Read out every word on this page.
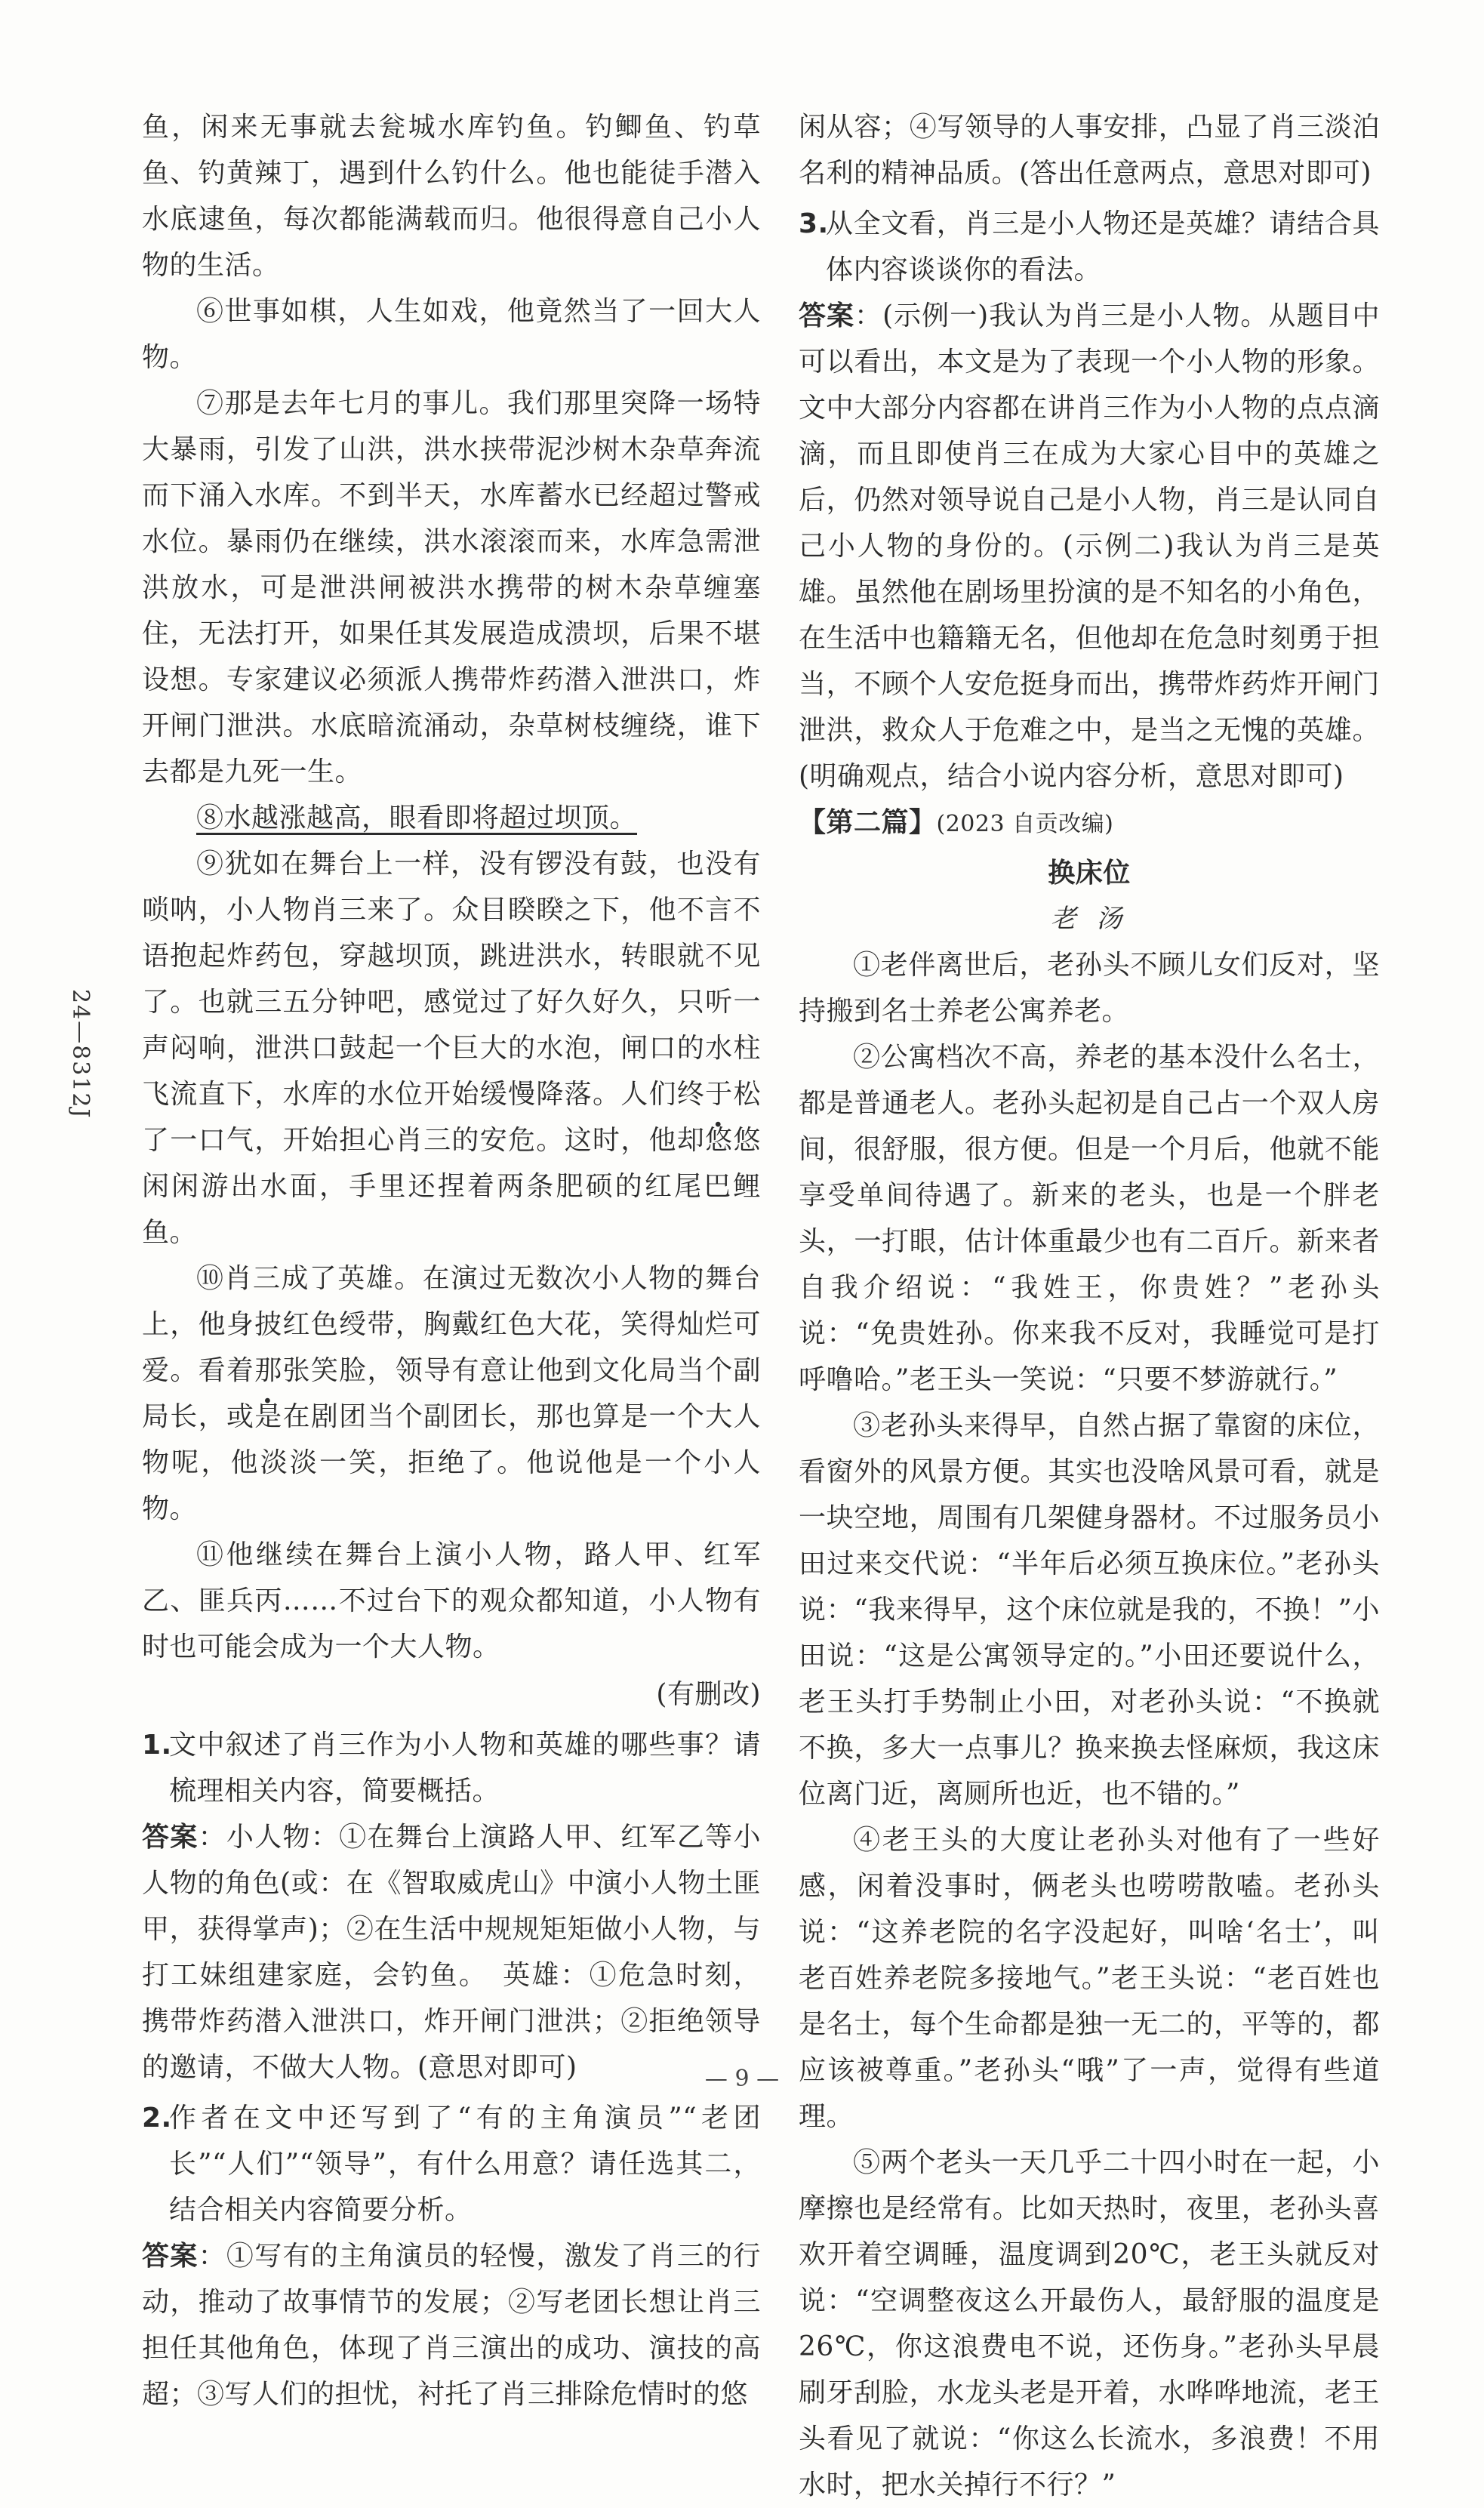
24—8312J

鱼，闲来无事就去瓮城水库钓鱼。钓鲫鱼、钓草鱼、钓黄辣丁，遇到什么钓什么。他也能徒手潜入水底逮鱼，每次都能满载而归。他很得意自己小人物的生活。

⑥世事如棋，人生如戏，他竟然当了一回大人物。

⑦那是去年七月的事儿。我们那里突降一场特大暴雨，引发了山洪，洪水挟带泥沙树木杂草奔流而下涌入水库。不到半天，水库蓄水已经超过警戒水位。暴雨仍在继续，洪水滚滚而来，水库急需泄洪放水，可是泄洪闸被洪水携带的树木杂草缠塞住，无法打开，如果任其发展造成溃坝，后果不堪设想。专家建议必须派人携带炸药潜入泄洪口，炸开闸门泄洪。水底暗流涌动，杂草树枝缠绕，谁下去都是九死一生。

⑧水越涨越高，眼看即将超过坝顶。

⑨犹如在舞台上一样，没有锣没有鼓，也没有唢呐，小人物肖三来了。众目睽睽之下，他不言不语抱起炸药包，穿越坝顶，跳进洪水，转眼就不见了。也就三五分钟吧，感觉过了好久好久，只听一声闷响，泄洪口鼓起一个巨大的水泡，闸口的水柱飞流直下，水库的水位开始缓慢降落。人们终于松了一口气，开始担心肖三的安危。这时，他却悠悠闲闲游出水面，手里还捏着两条肥硕的红尾巴鲤鱼。

⑩肖三成了英雄。在演过无数次小人物的舞台上，他身披红色绶带，胸戴红色大花，笑得灿烂可爱。看着那张笑脸，领导有意让他到文化局当个副局长，或是在剧团当个副团长，那也算是一个大人物呢，他淡淡一笑，拒绝了。他说他是一个小人物。

⑪他继续在舞台上演小人物，路人甲、红军乙、匪兵丙……不过台下的观众都知道，小人物有时也可能会成为一个大人物。

(有删改)

1.
文中叙述了肖三作为小人物和英雄的哪些事？请梳理相关内容，简要概括。

答案：小人物：①在舞台上演路人甲、红军乙等小人物的角色(或：在《智取威虎山》中演小人物土匪甲，获得掌声)；②在生活中规规矩矩做小人物，与打工妹组建家庭，会钓鱼。　英雄：①危急时刻，携带炸药潜入泄洪口，炸开闸门泄洪；②拒绝领导的邀请，不做大人物。(意思对即可)

2.
作者在文中还写到了“有的主角演员”“老团长”“人们”“领导”，有什么用意？请任选其二，结合相关内容简要分析。

答案：①写有的主角演员的轻慢，激发了肖三的行动，推动了故事情节的发展；②写老团长想让肖三担任其他角色，体现了肖三演出的成功、演技的高超；③写人们的担忧，衬托了肖三排除危情时的悠

闲从容；④写领导的人事安排，凸显了肖三淡泊名利的精神品质。(答出任意两点，意思对即可)

3.
从全文看，肖三是小人物还是英雄？请结合具体内容谈谈你的看法。

答案：(示例一)我认为肖三是小人物。从题目中可以看出，本文是为了表现一个小人物的形象。文中大部分内容都在讲肖三作为小人物的点点滴滴，而且即使肖三在成为大家心目中的英雄之后，仍然对领导说自己是小人物，肖三是认同自己小人物的身份的。(示例二)我认为肖三是英雄。虽然他在剧场里扮演的是不知名的小角色，在生活中也籍籍无名，但他却在危急时刻勇于担当，不顾个人安危挺身而出，携带炸药炸开闸门泄洪，救众人于危难之中，是当之无愧的英雄。(明确观点，结合小说内容分析，意思对即可)

【第二篇】(2023 自贡改编)

换床位

老 汤

①老伴离世后，老孙头不顾儿女们反对，坚持搬到名士养老公寓养老。

②公寓档次不高，养老的基本没什么名士，都是普通老人。老孙头起初是自己占一个双人房间，很舒服，很方便。但是一个月后，他就不能享受单间待遇了。新来的老头，也是一个胖老头，一打眼，估计体重最少也有二百斤。新来者自我介绍说：“我姓王，你贵姓？”老孙头说：“免贵姓孙。你来我不反对，我睡觉可是打呼噜哈。”老王头一笑说：“只要不梦游就行。”

③老孙头来得早，自然占据了靠窗的床位，看窗外的风景方便。其实也没啥风景可看，就是一块空地，周围有几架健身器材。不过服务员小田过来交代说：“半年后必须互换床位。”老孙头说：“我来得早，这个床位就是我的，不换！”小田说：“这是公寓领导定的。”小田还要说什么，老王头打手势制止小田，对老孙头说：“不换就不换，多大一点事儿？换来换去怪麻烦，我这床位离门近，离厕所也近，也不错的。”

④老王头的大度让老孙头对他有了一些好感，闲着没事时，俩老头也唠唠散嗑。老孙头说：“这养老院的名字没起好，叫啥‘名士’，叫老百姓养老院多接地气。”老王头说：“老百姓也是名士，每个生命都是独一无二的，平等的，都应该被尊重。”老孙头“哦”了一声，觉得有些道理。

⑤两个老头一天几乎二十四小时在一起，小摩擦也是经常有。比如天热时，夜里，老孙头喜欢开着空调睡，温度调到20℃，老王头就反对说：“空调整夜这么开最伤人，最舒服的温度是26℃，你这浪费电不说，还伤身。”老孙头早晨刷牙刮脸，水龙头老是开着，水哗哗地流，老王头看见了就说：“你这么长流水，多浪费！不用水时，把水关掉行不行？”

— 9 —
